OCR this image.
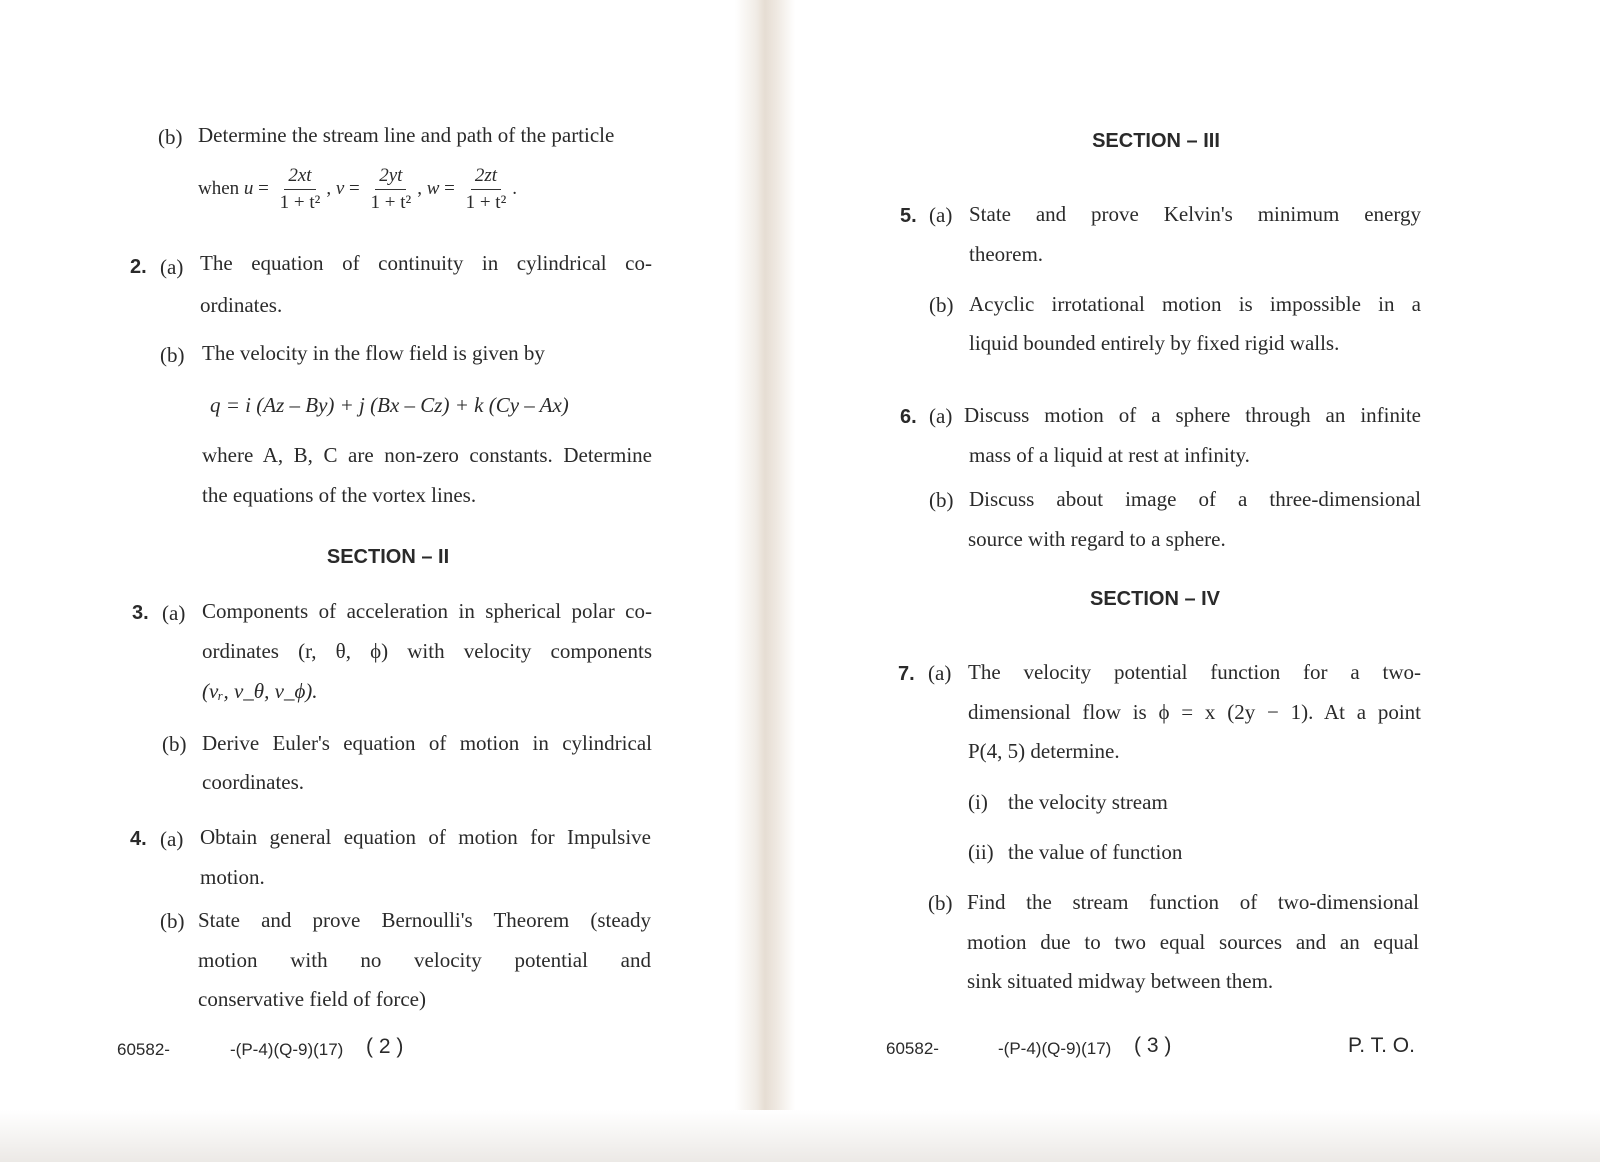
(b) Determine the stream line and path of the particle
when $u = \frac{2xt}{\text{1 + t²}}$ , $v = \frac{2yt}{\text{1 + t²}}$ , $w = \frac{2zt}{\text{1 + t²}}$ .
2. (a) The equation of continuity in cylindrical co-
ordinates.
(b) The velocity in the flow field is given by
q = i (Az – By) + j (Bx – Cz) + k (Cy – Ax)
where A, B, C are non-zero constants. Determine
the equations of the vortex lines.
SECTION – II
3. (a) Components of acceleration in spherical polar co-
ordinates (r, θ, ϕ) with velocity components
(vᵣ, v_θ, v_ϕ).
(b) Derive Euler's equation of motion in cylindrical
coordinates.
4. (a) Obtain general equation of motion for Impulsive
motion.
(b) State and prove Bernoulli's Theorem (steady
motion with no velocity potential and
conservative field of force)
60582-	-(P-4)(Q-9)(17) ( 2 )
SECTION – III
5. (a) State and prove Kelvin's minimum energy
theorem.
(b) Acyclic irrotational motion is impossible in a
liquid bounded entirely by fixed rigid walls.
6. (a) Discuss motion of a sphere through an infinite
mass of a liquid at rest at infinity.
(b) Discuss about image of a three-dimensional
source with regard to a sphere.
SECTION – IV
7. (a) The velocity potential function for a two-
dimensional flow is ϕ = x (2y − 1). At a point
P(4, 5) determine.
(i) the velocity stream
(ii) the value of function
(b) Find the stream function of two-dimensional
motion due to two equal sources and an equal
sink situated midway between them.
60582-	-(P-4)(Q-9)(17) ( 3 )	P. T. O.
